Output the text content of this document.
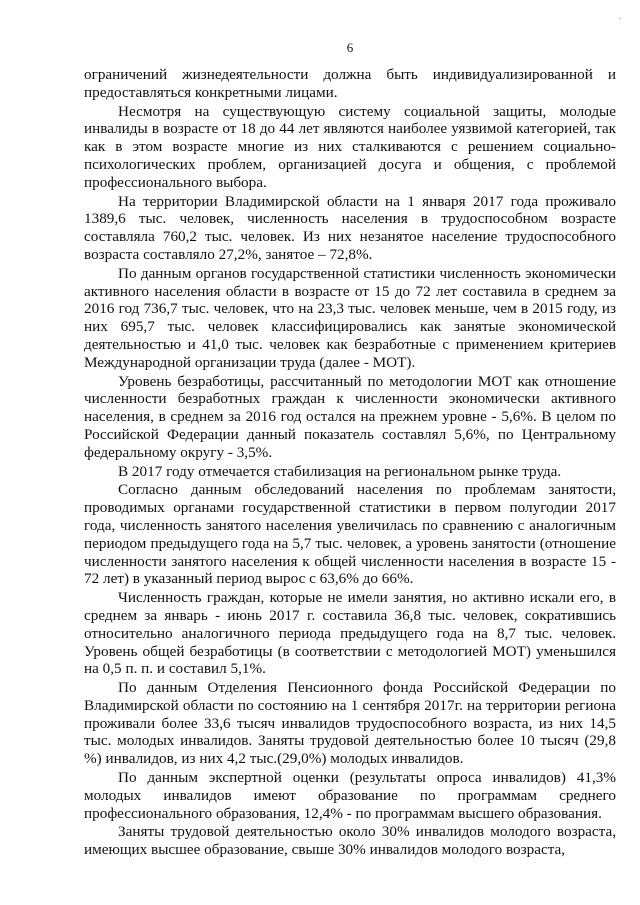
6

ограничений жизнедеятельности должна быть индивидуализированной и предоставляться конкретными лицами.

Несмотря на существующую систему социальной защиты, молодые инвалиды в возрасте от 18 до 44 лет являются наиболее уязвимой категорией, так как в этом возрасте многие из них сталкиваются с решением социально-психологических проблем, организацией досуга и общения, с проблемой профессионального выбора.

На территории Владимирской области на 1 января 2017 года проживало 1389,6 тыс. человек, численность населения в трудоспособном возрасте составляла 760,2 тыс. человек. Из них незанятое население трудоспособного возраста составляло 27,2%, занятое – 72,8%.

По данным органов государственной статистики численность экономически активного населения области в возрасте от 15 до 72 лет составила в среднем за 2016 год 736,7 тыс. человек, что на 23,3 тыс. человек меньше, чем в 2015 году, из них 695,7 тыс. человек классифицировались как занятые экономической деятельностью и 41,0 тыс. человек как безработные с применением критериев Международной организации труда (далее - МОТ).

Уровень безработицы, рассчитанный по методологии МОТ как отношение численности безработных граждан к численности экономически активного населения, в среднем за 2016 год остался на прежнем уровне - 5,6%. В целом по Российской Федерации данный показатель составлял 5,6%, по Центральному федеральному округу - 3,5%.

В 2017 году отмечается стабилизация на региональном рынке труда.

Согласно данным обследований населения по проблемам занятости, проводимых органами государственной статистики в первом полугодии 2017 года, численность занятого населения увеличилась по сравнению с аналогичным периодом предыдущего года на 5,7 тыс. человек, а уровень занятости (отношение численности занятого населения к общей численности населения в возрасте 15 - 72 лет) в указанный период вырос с 63,6% до 66%.

Численность граждан, которые не имели занятия, но активно искали его, в среднем за январь - июнь 2017 г. составила 36,8 тыс. человек, сократившись относительно аналогичного периода предыдущего года на 8,7 тыс. человек. Уровень общей безработицы (в соответствии с методологией МОТ) уменьшился на 0,5 п. п. и составил 5,1%.

По данным Отделения Пенсионного фонда Российской Федерации по Владимирской области по состоянию на 1 сентября 2017г. на территории региона проживали более 33,6 тысяч инвалидов трудоспособного возраста, из них 14,5 тыс. молодых инвалидов. Заняты трудовой деятельностью более 10 тысяч (29,8 %) инвалидов, из них 4,2 тыс.(29,0%) молодых инвалидов.

По данным экспертной оценки (результаты опроса инвалидов) 41,3% молодых инвалидов имеют образование по программам среднего профессионального образования, 12,4% - по программам высшего образования.

Заняты трудовой деятельностью около 30% инвалидов молодого возраста, имеющих высшее образование, свыше 30% инвалидов молодого возраста,

·
